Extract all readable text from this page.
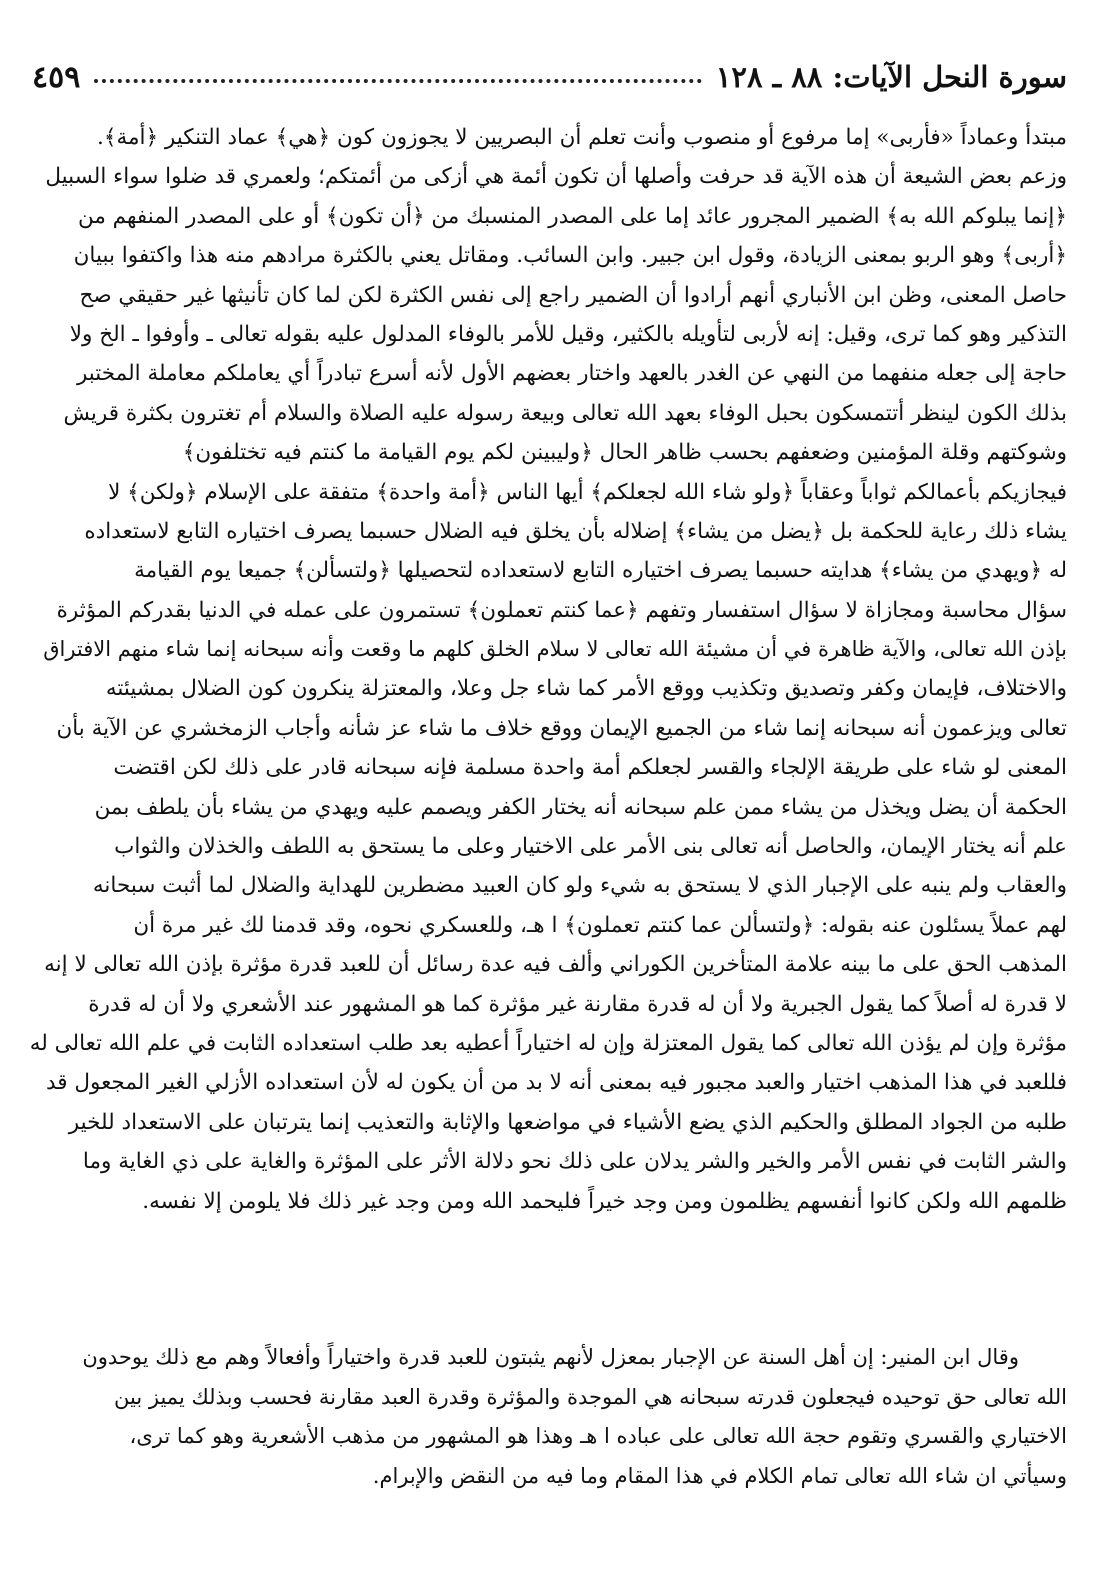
٤٥٩	سورة النحل الآيات: ٨٨ ـ ١٢٨
مبتدأ وعماداً «فأربى» إما مرفوع أو منصوب وأنت تعلم أن البصريين لا يجوزون كون ﴿هي﴾ عماد التنكير ﴿أمة﴾.
وزعم بعض الشيعة أن هذه الآية قد حرفت وأصلها أن تكون أئمة هي أزكى من أئمتكم؛ ولعمري قد ضلوا سواء السبيل
﴿إنما يبلوكم الله به﴾ الضمير المجرور عائد إما على المصدر المنسبك من ﴿أن تكون﴾ أو على المصدر المنفهم من
﴿أربى﴾ وهو الربو بمعنى الزيادة، وقول ابن جبير. وابن السائب. ومقاتل يعني بالكثرة مرادهم منه هذا واكتفوا ببيان
حاصل المعنى، وظن ابن الأنباري أنهم أرادوا أن الضمير راجع إلى نفس الكثرة لكن لما كان تأنيثها غير حقيقي صح
التذكير وهو كما ترى، وقيل: إنه لأربى لتأويله بالكثير، وقيل للأمر بالوفاء المدلول عليه بقوله تعالى ـ وأوفوا ـ الخ ولا
حاجة إلى جعله منفهما من النهي عن الغدر بالعهد واختار بعضهم الأول لأنه أسرع تبادراً أي يعاملكم معاملة المختبر
بذلك الكون لينظر أتتمسكون بحبل الوفاء بعهد الله تعالى وبيعة رسوله عليه الصلاة والسلام أم تغترون بكثرة قريش
وشوكتهم وقلة المؤمنين وضعفهم بحسب ظاهر الحال ﴿وليبينن لكم يوم القيامة ما كنتم فيه تختلفون﴾
فيجازيكم بأعمالكم ثواباً وعقاباً ﴿ولو شاء الله لجعلكم﴾ أيها الناس ﴿أمة واحدة﴾ متفقة على الإسلام ﴿ولكن﴾ لا
يشاء ذلك رعاية للحكمة بل ﴿يضل من يشاء﴾ إضلاله بأن يخلق فيه الضلال حسبما يصرف اختياره التابع لاستعداده
له ﴿ويهدي من يشاء﴾ هدايته حسبما يصرف اختياره التابع لاستعداده لتحصيلها ﴿ولتسألن﴾ جميعا يوم القيامة
سؤال محاسبة ومجازاة لا سؤال استفسار وتفهم ﴿عما كنتم تعملون﴾ تستمرون على عمله في الدنيا بقدركم المؤثرة
بإذن الله تعالى، والآية ظاهرة في أن مشيئة الله تعالى لا سلام الخلق كلهم ما وقعت وأنه سبحانه إنما شاء منهم الافتراق
والاختلاف، فإيمان وكفر وتصديق وتكذيب ووقع الأمر كما شاء جل وعلا، والمعتزلة ينكرون كون الضلال بمشيئته
تعالى ويزعمون أنه سبحانه إنما شاء من الجميع الإيمان ووقع خلاف ما شاء عز شأنه وأجاب الزمخشري عن الآية بأن
المعنى لو شاء على طريقة الإلجاء والقسر لجعلكم أمة واحدة مسلمة فإنه سبحانه قادر على ذلك لكن اقتضت
الحكمة أن يضل ويخذل من يشاء ممن علم سبحانه أنه يختار الكفر ويصمم عليه ويهدي من يشاء بأن يلطف بمن
علم أنه يختار الإيمان، والحاصل أنه تعالى بنى الأمر على الاختيار وعلى ما يستحق به اللطف والخذلان والثواب
والعقاب ولم ينبه على الإجبار الذي لا يستحق به شيء ولو كان العبيد مضطرين للهداية والضلال لما أثبت سبحانه
لهم عملاً يسئلون عنه بقوله: ﴿ولتسألن عما كنتم تعملون﴾ ا هـ، وللعسكري نحوه، وقد قدمنا لك غير مرة أن
المذهب الحق على ما بينه علامة المتأخرين الكوراني وألف فيه عدة رسائل أن للعبد قدرة مؤثرة بإذن الله تعالى لا إنه
لا قدرة له أصلاً كما يقول الجبرية ولا أن له قدرة مقارنة غير مؤثرة كما هو المشهور عند الأشعري ولا أن له قدرة
مؤثرة وإن لم يؤذن الله تعالى كما يقول المعتزلة وإن له اختياراً أعطيه بعد طلب استعداده الثابت في علم الله تعالى له
فللعبد في هذا المذهب اختيار والعبد مجبور فيه بمعنى أنه لا بد من أن يكون له لأن استعداده الأزلي الغير المجعول قد
طلبه من الجواد المطلق والحكيم الذي يضع الأشياء في مواضعها والإثابة والتعذيب إنما يترتبان على الاستعداد للخير
والشر الثابت في نفس الأمر والخير والشر يدلان على ذلك نحو دلالة الأثر على المؤثرة والغاية على ذي الغاية وما
ظلمهم الله ولكن كانوا أنفسهم يظلمون ومن وجد خيراً فليحمد الله ومن وجد غير ذلك فلا يلومن إلا نفسه.
وقال ابن المنير: إن أهل السنة عن الإجبار بمعزل لأنهم يثبتون للعبد قدرة واختياراً وأفعالاً وهم مع ذلك يوحدون
الله تعالى حق توحيده فيجعلون قدرته سبحانه هي الموجدة والمؤثرة وقدرة العبد مقارنة فحسب وبذلك يميز بين
الاختياري والقسري وتقوم حجة الله تعالى على عباده ا هـ وهذا هو المشهور من مذهب الأشعرية وهو كما ترى،
وسيأتي ان شاء الله تعالى تمام الكلام في هذا المقام وما فيه من النقض والإبرام.
